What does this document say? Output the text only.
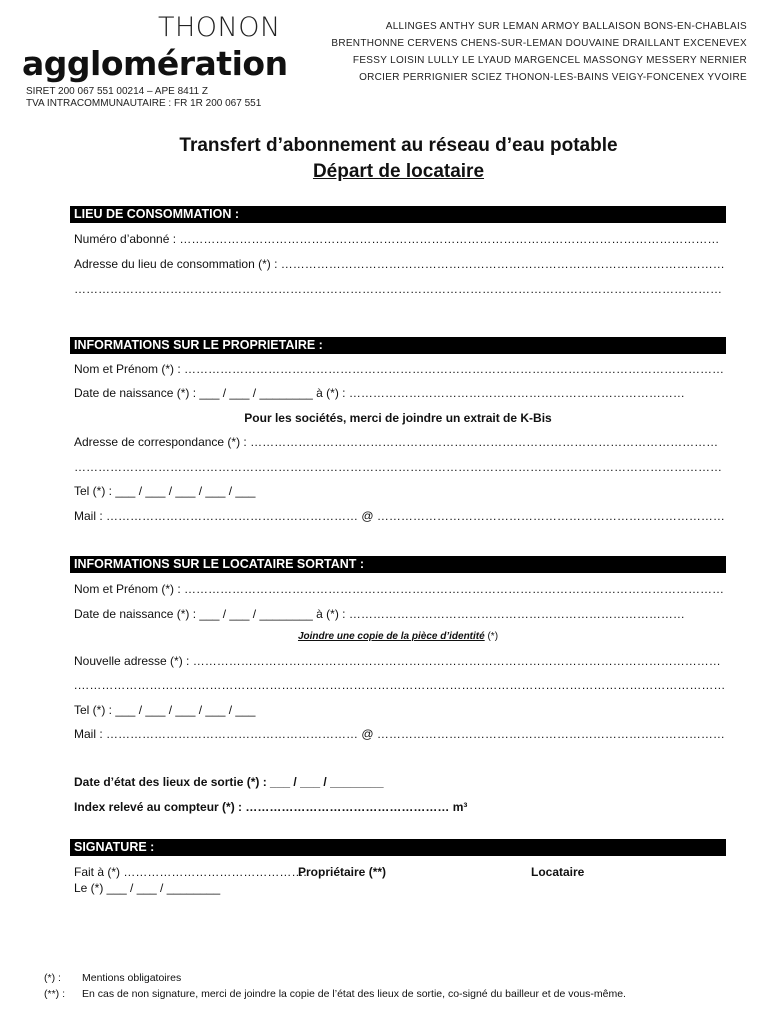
THONON
agglomération
ALLINGES ANTHY SUR LEMAN ARMOY BALLAISON BONS-EN-CHABLAIS
BRENTHONNE CERVENS CHENS-SUR-LEMAN DOUVAINE DRAILLANT EXCENEVEX
FESSY LOISIN LULLY LE LYAUD MARGENCEL MASSONGY MESSERY NERNIER
ORCIER PERRIGNIER SCIEZ THONON-LES-BAINS VEIGY-FONCENEX YVOIRE
SIRET 200 067 551 00214 – APE 8411 Z
TVA INTRACOMMUNAUTAIRE : FR 1R 200 067 551
Transfert d’abonnement au réseau d’eau potable
Départ de locataire
LIEU DE CONSOMMATION :
Numéro d’abonné : ………………………………………………………………………………………………………………………
Adresse du lieu de consommation (*) : …………………………………………………………………………………………………
………………………………………………………………………………………………………………………………………………
INFORMATIONS SUR LE PROPRIETAIRE :
Nom et Prénom (*) : ………………………………………………………………………………………………………………………
Date de naissance (*) : ___ / ___ / ________ à (*) : …………………………………………………………………………
Pour les sociétés, merci de joindre un extrait de K-Bis
Adresse de correspondance (*) : ………………………………………………………………………………………………………
………………………………………………………………………………………………………………………………………………
Tel (*) : ___ / ___ / ___ / ___ / ___
Mail : ……………………………………………………… @ ……………………………………………………………………………
INFORMATIONS SUR LE LOCATAIRE SORTANT :
Nom et Prénom (*) : ………………………………………………………………………………………………………………………
Date de naissance (*) : ___ / ___ / ________ à (*) : …………………………………………………………………………
Joindre une copie de la pièce d’identité (*)
Nouvelle adresse (*) : ……………………………………………………………………………………………………………………
.………………………………………………………………………………………………………………………………………………
Tel (*) : ___ / ___ / ___ / ___ / ___
Mail : ……………………………………………………… @ ……………………………………………………………………………
Date d’état des lieux de sortie (*) : ___ / ___ / ________
Index relevé au compteur (*) : …………………………………………… m³
SIGNATURE :
Fait à (*) ……………………………………….
Propriétaire (**)	Locataire
Le (*) ___ / ___ / ________
(*) : Mentions obligatoires
(**) : En cas de non signature, merci de joindre la copie de l’état des lieux de sortie, co-signé du bailleur et de vous-même.
